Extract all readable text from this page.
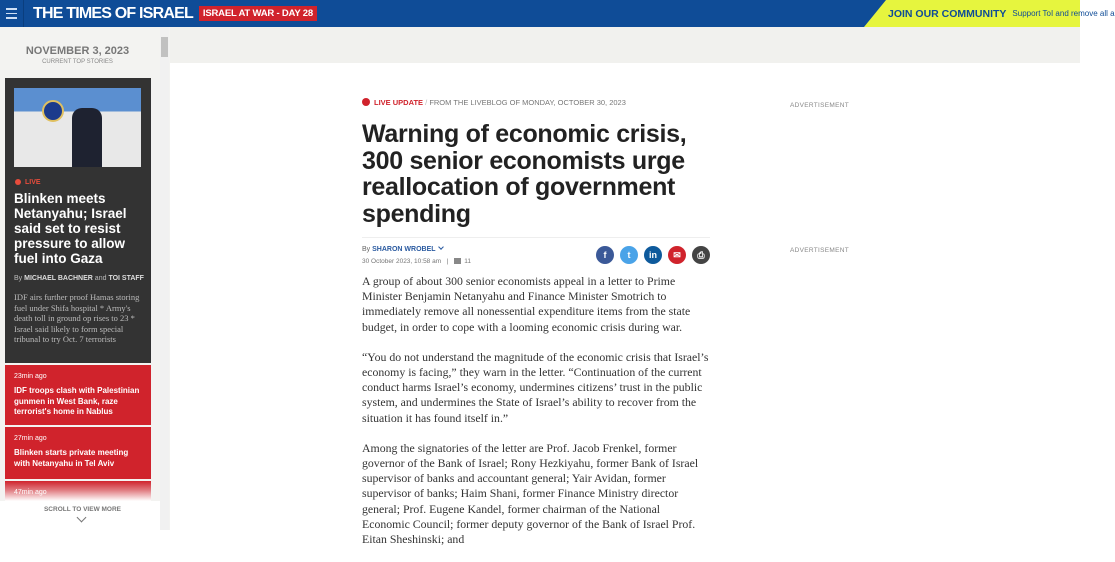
THE TIMES OF ISRAEL	ISRAEL AT WAR - DAY 28	JOIN OUR COMMUNITY Support ToI and remove all a
NOVEMBER 3, 2023
CURRENT TOP STORIES
LIVE
Blinken meets Netanyahu; Israel said set to resist pressure to allow fuel into Gaza
By MICHAEL BACHNER and TOI STAFF
IDF airs further proof Hamas storing fuel under Shifa hospital * Army's death toll in ground op rises to 23 * Israel said likely to form special tribunal to try Oct. 7 terrorists
23min ago
IDF troops clash with Palestinian gunmen in West Bank, raze terrorist's home in Nablus
27min ago
Blinken starts private meeting with Netanyahu in Tel Aviv
47min ago
SCROLL TO VIEW MORE
LIVE UPDATE / FROM THE LIVEBLOG OF MONDAY, OCTOBER 30, 2023
Warning of economic crisis, 300 senior economists urge reallocation of government spending
By SHARON WROBEL
30 October 2023, 10:58 am   |     11
f	t	in	✉	⎙

A group of about 300 senior economists appeal in a letter to Prime Minister Benjamin Netanyahu and Finance Minister Smotrich to immediately remove all nonessential expenditure items from the state budget, in order to cope with a looming economic crisis during war.

“You do not understand the magnitude of the economic crisis that Israel’s economy is facing,” they warn in the letter. “Continuation of the current conduct harms Israel’s economy, undermines citizens’ trust in the public system, and undermines the State of Israel’s ability to recover from the situation it has found itself in.”

Among the signatories of the letter are Prof. Jacob Frenkel, former governor of the Bank of Israel; Rony Hezkiyahu, former Bank of Israel supervisor of banks and accountant general; Yair Avidan, former supervisor of banks; Haim Shani, former Finance Ministry director general; Prof. Eugene Kandel, former chairman of the National Economic Council; former deputy governor of the Bank of Israel Prof. Eitan Sheshinski; and

ADVERTISEMENT
ADVERTISEMENT
